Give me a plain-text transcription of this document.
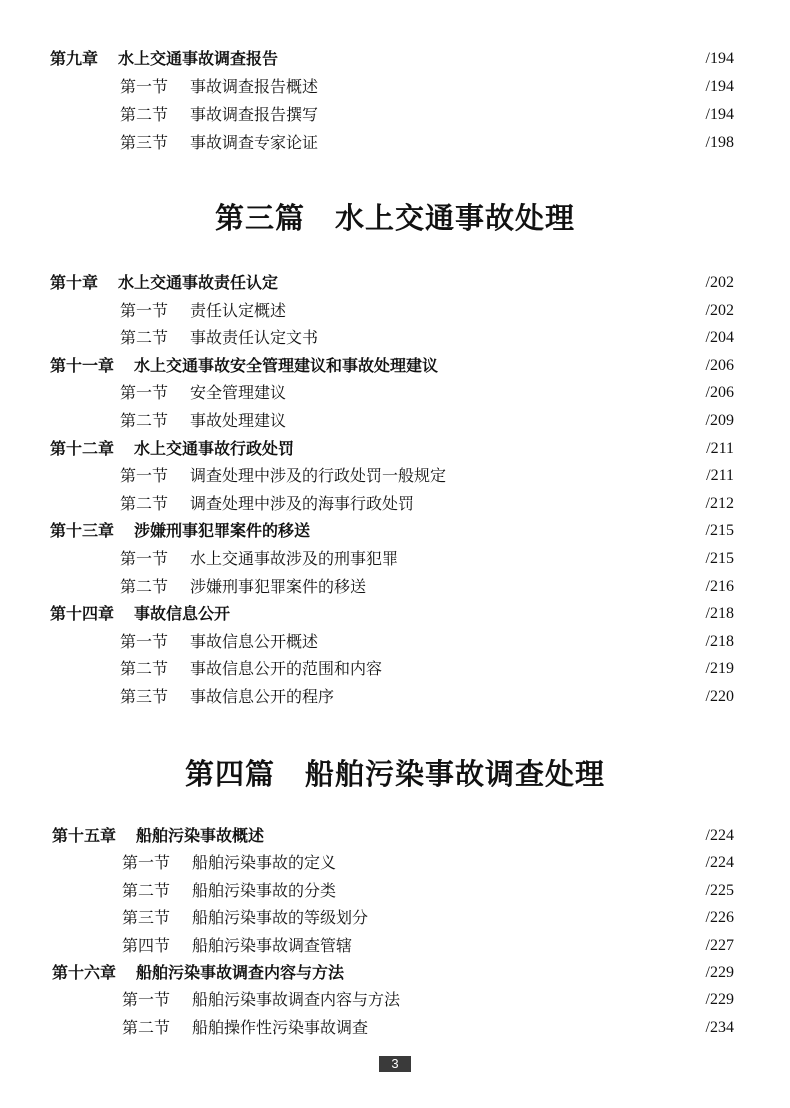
第九章 水上交通事故调查报告	/194
第一节 事故调查报告概述	/194
第二节 事故调查报告撰写	/194
第三节 事故调查专家论证	/198
第三篇　水上交通事故处理
第十章 水上交通事故责任认定	/202
第一节 责任认定概述	/202
第二节 事故责任认定文书	/204
第十一章 水上交通事故安全管理建议和事故处理建议	/206
第一节 安全管理建议	/206
第二节 事故处理建议	/209
第十二章 水上交通事故行政处罚	/211
第一节 调查处理中涉及的行政处罚一般规定	/211
第二节 调查处理中涉及的海事行政处罚	/212
第十三章 涉嫌刑事犯罪案件的移送	/215
第一节 水上交通事故涉及的刑事犯罪	/215
第二节 涉嫌刑事犯罪案件的移送	/216
第十四章 事故信息公开	/218
第一节 事故信息公开概述	/218
第二节 事故信息公开的范围和内容	/219
第三节 事故信息公开的程序	/220
第四篇　船舶污染事故调查处理
第十五章 船舶污染事故概述	/224
第一节 船舶污染事故的定义	/224
第二节 船舶污染事故的分类	/225
第三节 船舶污染事故的等级划分	/226
第四节 船舶污染事故调查管辖	/227
第十六章 船舶污染事故调查内容与方法	/229
第一节 船舶污染事故调查内容与方法	/229
第二节 船舶操作性污染事故调查	/234
3
